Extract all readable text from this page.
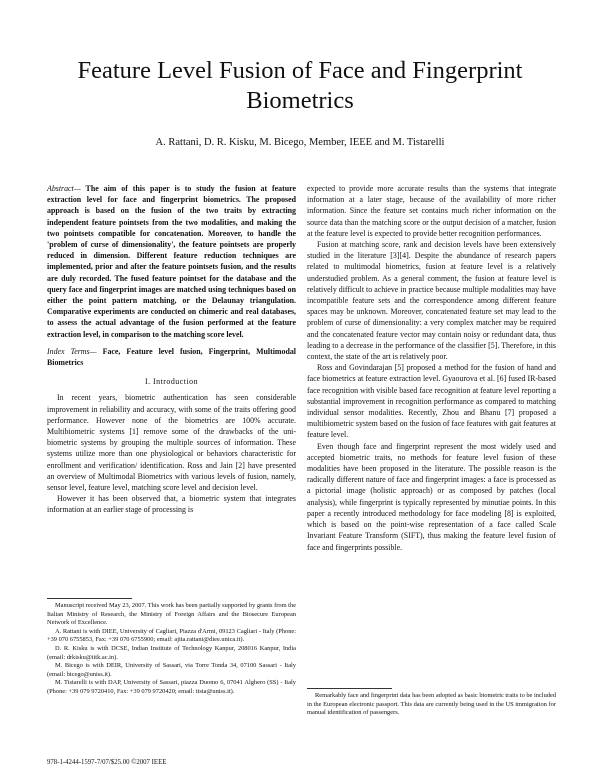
Feature Level Fusion of Face and Fingerprint Biometrics
A. Rattani, D. R. Kisku, M. Bicego, Member, IEEE and M. Tistarelli

Abstract— The aim of this paper is to study the fusion at feature extraction level for face and fingerprint biometrics. The proposed approach is based on the fusion of the two traits by extracting independent feature pointsets from the two modalities, and making the two pointsets compatible for concatenation. Moreover, to handle the 'problem of curse of dimensionality', the feature pointsets are properly reduced in dimension. Different feature reduction techniques are implemented, prior and after the feature pointsets fusion, and the results are duly recorded. The fused feature pointset for the database and the query face and fingerprint images are matched using techniques based on either the point pattern matching, or the Delaunay triangulation. Comparative experiments are conducted on chimeric and real databases, to assess the actual advantage of the fusion performed at the feature extraction level, in comparison to the matching score level.

Index Terms— Face, Feature level fusion, Fingerprint, Multimodal Biometrics

I. Introduction

In recent years, biometric authentication has seen considerable improvement in reliability and accuracy, with some of the traits offering good performance. However none of the biometrics are 100% accurate. Multibiometric systems [1] remove some of the drawbacks of the uni-biometric systems by grouping the multiple sources of information. These systems utilize more than one physiological or behaviors characteristic for enrollment and verification/ identification. Ross and Jain [2] have presented an overview of Multimodal Biometrics with various levels of fusion, namely, sensor level, feature level, matching score level and decision level.

However it has been observed that, a biometric system that integrates information at an earlier stage of processing is

Manuscript received May 23, 2007. This work has been partially supported by grants from the Italian Ministry of Research, the Ministry of Foreign Affairs and the Biosecure European Network of Excellence.

A. Rattani is with DIEE, University of Cagliari, Piazza d'Armi, 09123 Cagliari - Italy (Phone: +39 070 6755853, Fax: +39 070 6755900; email: ajita.rattani@diee.unica.it).

D. R. Kisku is with DCSE, Indian Institute of Technology Kanpur, 208016 Kanpur, India (email: drkisku@iitk.ac.in).

M. Bicego is with DEIR, University of Sassari, via Torre Tonda 34, 07100 Sassari - Italy (email: bicego@uniss.it).

M. Tistarelli is with DAP, University of Sassari, piazza Duomo 6, 07041 Alghero (SS) - Italy (Phone: +39 079 9720410, Fax: +39 079 9720420; email: tista@uniss.it).

expected to provide more accurate results than the systems that integrate information at a later stage, because of the availability of more richer information. Since the feature set contains much richer information on the source data than the matching score or the output decision of a matcher, fusion at the feature level is expected to provide better recognition performances.

Fusion at matching score, rank and decision levels have been extensively studied in the literature [3][4]. Despite the abundance of research papers related to multimodal biometrics, fusion at feature level is a relatively understudied problem. As a general comment, the fusion at feature level is relatively difficult to achieve in practice because multiple modalities may have incompatible feature sets and the correspondence among different feature spaces may be unknown. Moreover, concatenated feature set may lead to the problem of curse of dimensionality: a very complex matcher may be required and the concatenated feature vector may contain noisy or redundant data, thus leading to a decrease in the performance of the classifier [5]. Therefore, in this context, the state of the art is relatively poor.

Ross and Govindarajan [5] proposed a method for the fusion of hand and face biometrics at feature extraction level. Gyaourova et al. [6] fused IR-based face recognition with visible based face recognition at feature level reporting a substantial improvement in recognition performance as compared to matching individual sensor modalities. Recently, Zhou and Bhanu [7] proposed a multibiometric system based on the fusion of face features with gait features at feature level.

Even though face and fingerprint represent the most widely used and accepted biometric traits, no methods for feature level fusion of these modalities have been proposed in the literature. The possible reason is the radically different nature of face and fingerprint images: a face is processed as a pictorial image (holistic approach) or as composed by patches (local analysis), while fingerprint is typically represented by minutiae points. In this paper a recently introduced methodology for face modeling [8] is exploited, which is based on the point-wise representation of a face called Scale Invariant Feature Transform (SIFT), thus making the feature level fusion of face and fingerprints possible.

Remarkably face and fingerprint data has been adopted as basic biometric traits to be included in the European electronic passport. This data are currently being used in the US immigration for manual identification of passengers.
978-1-4244-1597-7/07/$25.00 ©2007 IEEE
